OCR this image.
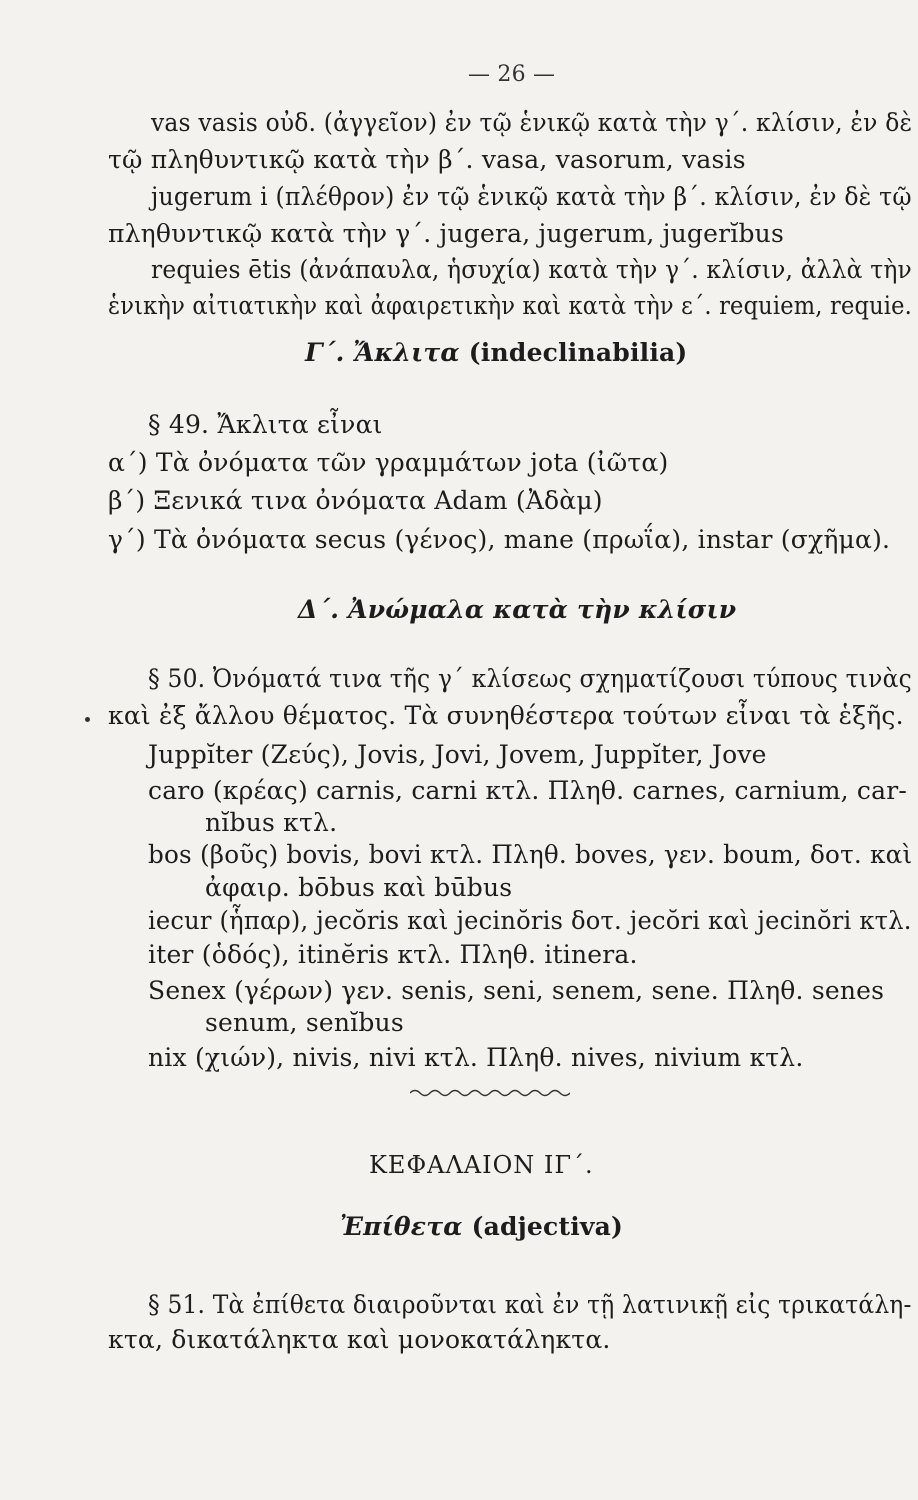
— 26 —
vas vasis οὐδ. (ἀγγεῖον) ἐν τῷ ἑνικῷ κατὰ τὴν γ΄. κλίσιν, ἐν δὲ
τῷ πληθυντικῷ κατὰ τὴν β΄. vasa, vasorum, vasis
jugerum i (πλέθρον) ἐν τῷ ἑνικῷ κατὰ τὴν β΄. κλίσιν, ἐν δὲ τῷ
πληθυντικῷ κατὰ τὴν γ΄. jugera, jugerum, jugerĭbus
requies ētis (ἀνάπαυλα, ἡσυχία) κατὰ τὴν γ΄. κλίσιν, ἀλλὰ τὴν
ἑνικὴν αἰτιατικὴν καὶ ἀφαιρετικὴν καὶ κατὰ τὴν ε΄. requiem, requie.
Γ΄. Ἄκλιτα (indeclinabilia)
§ 49. Ἄκλιτα εἶναι
α΄) Τὰ ὀνόματα τῶν γραμμάτων jota (ἰῶτα)
β΄) Ξενικά τινα ὀνόματα Adam (Ἀδὰμ)
γ΄) Τὰ ὀνόματα secus (γένος), mane (πρωΐα), instar (σχῆμα).
Δ΄. Ἀνώμαλα κατὰ τὴν κλίσιν
§ 50. Ὀνόματά τινα τῆς γ΄ κλίσεως σχηματίζουσι τύπους τινὰς
καὶ ἐξ ἄλλου θέματος. Τὰ συνηθέστερα τούτων εἶναι τὰ ἑξῆς.
Juppĭter (Ζεύς), Jovis, Jovi, Jovem, Juppĭter, Jove
caro (κρέας) carnis, carni κτλ. Πληθ. carnes, carnium, car-
nĭbus κτλ.
bos (βοῦς) bovis, bovi κτλ. Πληθ. boves, γεν. boum, δοτ. καὶ
ἀφαιρ. bōbus καὶ būbus
iecur (ἧπαρ), jecŏris καὶ jecinŏris δοτ. jecŏri καὶ jecinŏri κτλ.
iter (ὁδός), itinĕris κτλ. Πληθ. itinera.
Senex (γέρων) γεν. senis, seni, senem, sene. Πληθ. senes
senum, senĭbus
nix (χιών), nivis, nivi κτλ. Πληθ. nives, nivium κτλ.
ΚΕΦΑΛΑΙΟΝ ΙΓ΄.
Ἐπίθετα (adjectiva)
§ 51. Τὰ ἐπίθετα διαιροῦνται καὶ ἐν τῇ λατινικῇ εἰς τρικατάλη-
κτα, δικατάληκτα καὶ μονοκατάληκτα.
